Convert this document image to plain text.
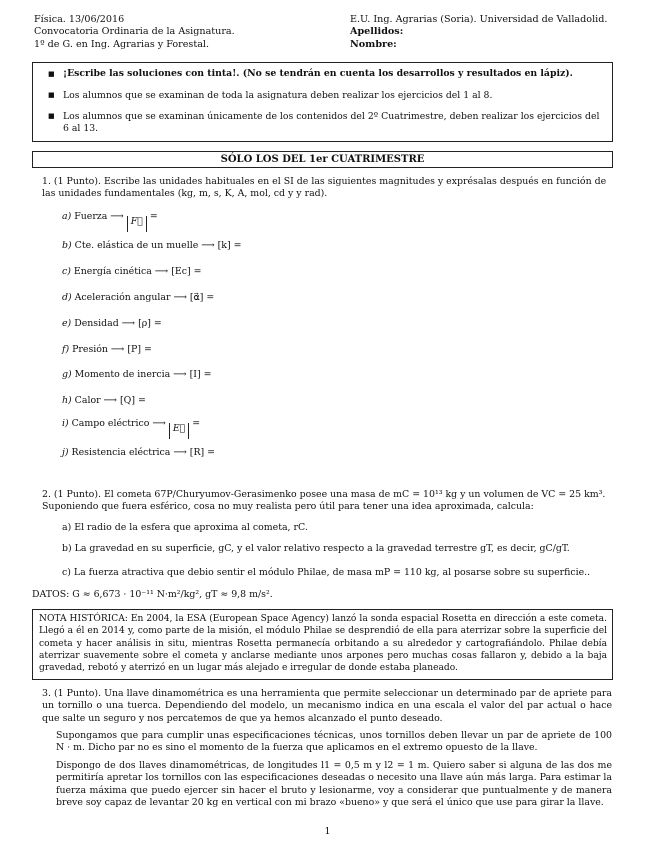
Física. 13/06/2016
Convocatoria Ordinaria de la Asignatura.
1º de G. en Ing. Agrarias y Forestal.
E.U. Ing. Agrarias (Soria). Universidad de Valladolid.
Apellidos:
Nombre:
■ ¡Escribe las soluciones con tinta!. (No se tendrán en cuenta los desarrollos y resultados en lápiz).
■ Los alumnos que se examinan de toda la asignatura deben realizar los ejercicios del 1 al 8.
■ Los alumnos que se examinan únicamente de los contenidos del 2º Cuatrimestre, deben realizar los ejercicios del 6 al 13.
SÓLO LOS DEL 1er CUATRIMESTRE
1. (1 Punto). Escribe las unidades habituales en el SI de las siguientes magnitudes y exprésalas después en función de las unidades fundamentales (kg, m, s, K, A, mol, cd y y rad).
a) Fuerza ⟶ F⃗ =
b) Cte. elástica de un muelle ⟶ [k] =
c) Energía cinética ⟶ [Ec] =
d) Aceleración angular ⟶ [α⃗] =
e) Densidad ⟶ [ρ] =
f) Presión ⟶ [P] =
g) Momento de inercia ⟶ [I] =
h) Calor ⟶ [Q] =
i) Campo eléctrico ⟶ E⃗ =
j) Resistencia eléctrica ⟶ [R] =
2. (1 Punto). El cometa 67P/Churyumov-Gerasimenko posee una masa de mC = 10¹³ kg y un volumen de VC = 25 km³. Suponiendo que fuera esférico, cosa no muy realista pero útil para tener una idea aproximada, calcula:
a) El radio de la esfera que aproxima al cometa, rC.
b) La gravedad en su superficie, gC, y el valor relativo respecto a la gravedad terrestre gT, es decir, gC/gT.
c) La fuerza atractiva que debio sentir el módulo Philae, de masa mP = 110 kg, al posarse sobre su superficie..
DATOS: G ≈ 6,673 · 10⁻¹¹ N·m²/kg², gT ≈ 9,8 m/s².
NOTA HISTÓRICA: En 2004, la ESA (European Space Agency) lanzó la sonda espacial Rosetta en dirección a este cometa. Llegó a él en 2014 y, como parte de la misión, el módulo Philae se desprendió de ella para aterrizar sobre la superficie del cometa y hacer análisis in situ, mientras Rosetta permanecía orbitando a su alrededor y cartografiándolo. Philae debía aterrizar suavemente sobre el cometa y anclarse mediante unos arpones pero muchas cosas fallaron y, debido a la baja gravedad, rebotó y aterrizó en un lugar más alejado e irregular de donde estaba planeado.
3. (1 Punto). Una llave dinamométrica es una herramienta que permite seleccionar un determinado par de apriete para un tornillo o una tuerca. Dependiendo del modelo, un mecanismo indica en una escala el valor del par actual o hace que salte un seguro y nos percatemos de que ya hemos alcanzado el punto deseado.
Supongamos que para cumplir unas especificaciones técnicas, unos tornillos deben llevar un par de apriete de 100 N · m. Dicho par no es sino el momento de la fuerza que aplicamos en el extremo opuesto de la llave.
Dispongo de dos llaves dinamométricas, de longitudes l1 = 0,5 m y l2 = 1 m. Quiero saber si alguna de las dos me permitiría apretar los tornillos con las especificaciones deseadas o necesito una llave aún más larga. Para estimar la fuerza máxima que puedo ejercer sin hacer el bruto y lesionarme, voy a considerar que puntualmente y de manera breve soy capaz de levantar 20 kg en vertical con mi brazo «bueno» y que será el único que use para girar la llave.
1
